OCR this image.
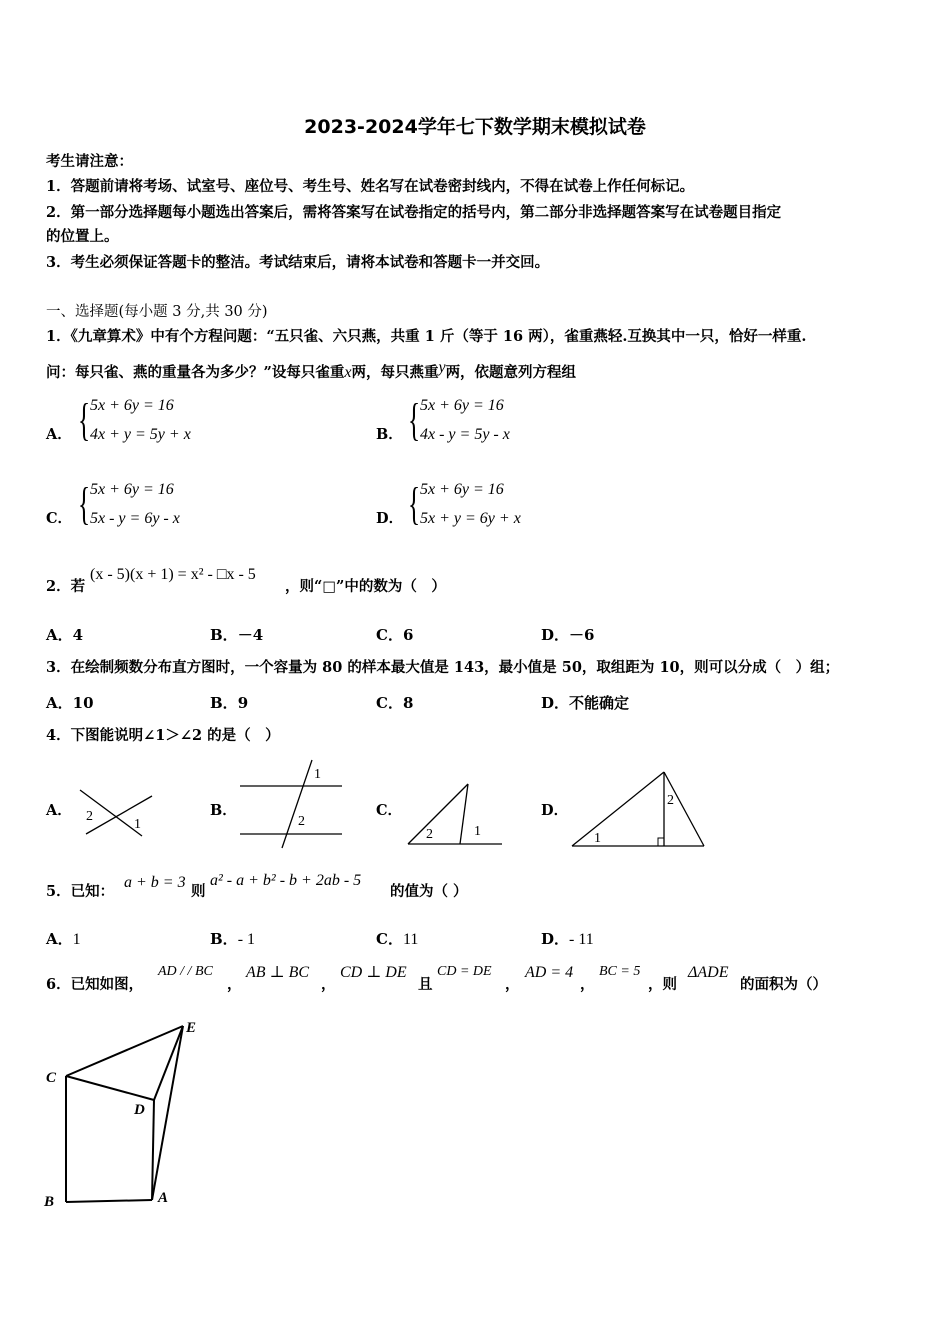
2023-2024学年七下数学期末模拟试卷
考生请注意：
1．答题前请将考场、试室号、座位号、考生号、姓名写在试卷密封线内，不得在试卷上作任何标记。
2．第一部分选择题每小题选出答案后，需将答案写在试卷指定的括号内，第二部分非选择题答案写在试卷题目指定
的位置上。
3．考生必须保证答题卡的整洁。考试结束后，请将本试卷和答题卡一并交回。
一、选择题(每小题 3 分,共 30 分)
1．《九章算术》中有个方程问题：“五只雀、六只燕，共重 1 斤（等于 16 两），雀重燕轻.互换其中一只，恰好一样重.
问：每只雀、燕的重量各为多少？”设每只雀重x两，每只燕重y两，依题意列方程组
A． { 5x + 6y = 16
4x + y = 5y + x	B． { 5x + 6y = 16
4x - y = 5y - x
C． { 5x + 6y = 16
5x - y = 6y - x	D． { 5x + 6y = 16
5x + y = 6y + x
2．若
(x - 5)(x + 1) = x² - □x - 5
，则“□”中的数为（　）
A．4	B．－4	C．6	D．－6
3．在绘制频数分布直方图时，一个容量为 80 的样本最大值是 143，最小值是 50，取组距为 10，则可以分成（　）组；
A．10	B．9	C．8	D．不能确定
4．下图能说明∠1＞∠2 的是（　）
A． 2
1
B．
1
2
C．
2	1
D．
1
2
5．已知：
a + b = 3
则
a² - a + b² - b + 2ab - 5
的值为（ ）
A．1	B．- 1	C．11	D．- 11
6．已知如图，
AD / / BC
，
AB ⊥ BC
，
CD ⊥ DE
且
CD = DE
，
AD = 4
，
BC = 5
，则
ΔADE
的面积为（）
C
E
D
B	A
